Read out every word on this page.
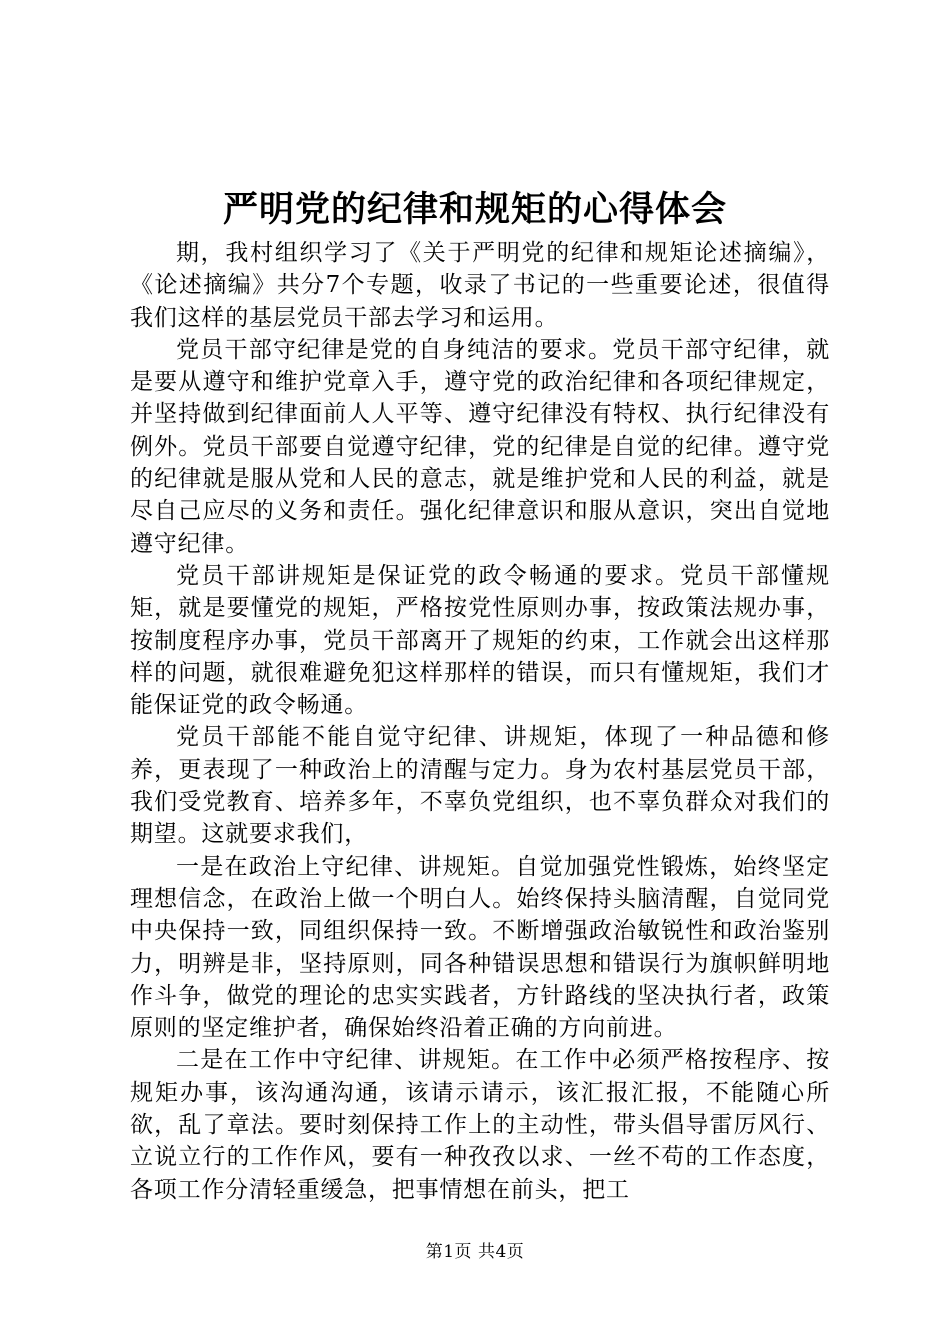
严明党的纪律和规矩的心得体会

期，我村组织学习了《关于严明党的纪律和规矩论述摘编》，《论述摘编》共分7个专题，收录了书记的一些重要论述，很值得我们这样的基层党员干部去学习和运用。

党员干部守纪律是党的自身纯洁的要求。党员干部守纪律，就是要从遵守和维护党章入手，遵守党的政治纪律和各项纪律规定，并坚持做到纪律面前人人平等、遵守纪律没有特权、执行纪律没有例外。党员干部要自觉遵守纪律，党的纪律是自觉的纪律。遵守党的纪律就是服从党和人民的意志，就是维护党和人民的利益，就是尽自己应尽的义务和责任。强化纪律意识和服从意识，突出自觉地遵守纪律。

党员干部讲规矩是保证党的政令畅通的要求。党员干部懂规矩，就是要懂党的规矩，严格按党性原则办事，按政策法规办事，按制度程序办事，党员干部离开了规矩的约束，工作就会出这样那样的问题，就很难避免犯这样那样的错误，而只有懂规矩，我们才能保证党的政令畅通。

党员干部能不能自觉守纪律、讲规矩，体现了一种品德和修养，更表现了一种政治上的清醒与定力。身为农村基层党员干部，我们受党教育、培养多年，不辜负党组织，也不辜负群众对我们的期望。这就要求我们，

一是在政治上守纪律、讲规矩。自觉加强党性锻炼，始终坚定理想信念，在政治上做一个明白人。始终保持头脑清醒，自觉同党中央保持一致，同组织保持一致。不断增强政治敏锐性和政治鉴别力，明辨是非，坚持原则，同各种错误思想和错误行为旗帜鲜明地作斗争，做党的理论的忠实实践者，方针路线的坚决执行者，政策原则的坚定维护者，确保始终沿着正确的方向前进。

二是在工作中守纪律、讲规矩。在工作中必须严格按程序、按规矩办事，该沟通沟通，该请示请示，该汇报汇报，不能随心所欲，乱了章法。要时刻保持工作上的主动性，带头倡导雷厉风行、立说立行的工作作风，要有一种孜孜以求、一丝不苟的工作态度，各项工作分清轻重缓急，把事情想在前头，把工

第1页 共4页
